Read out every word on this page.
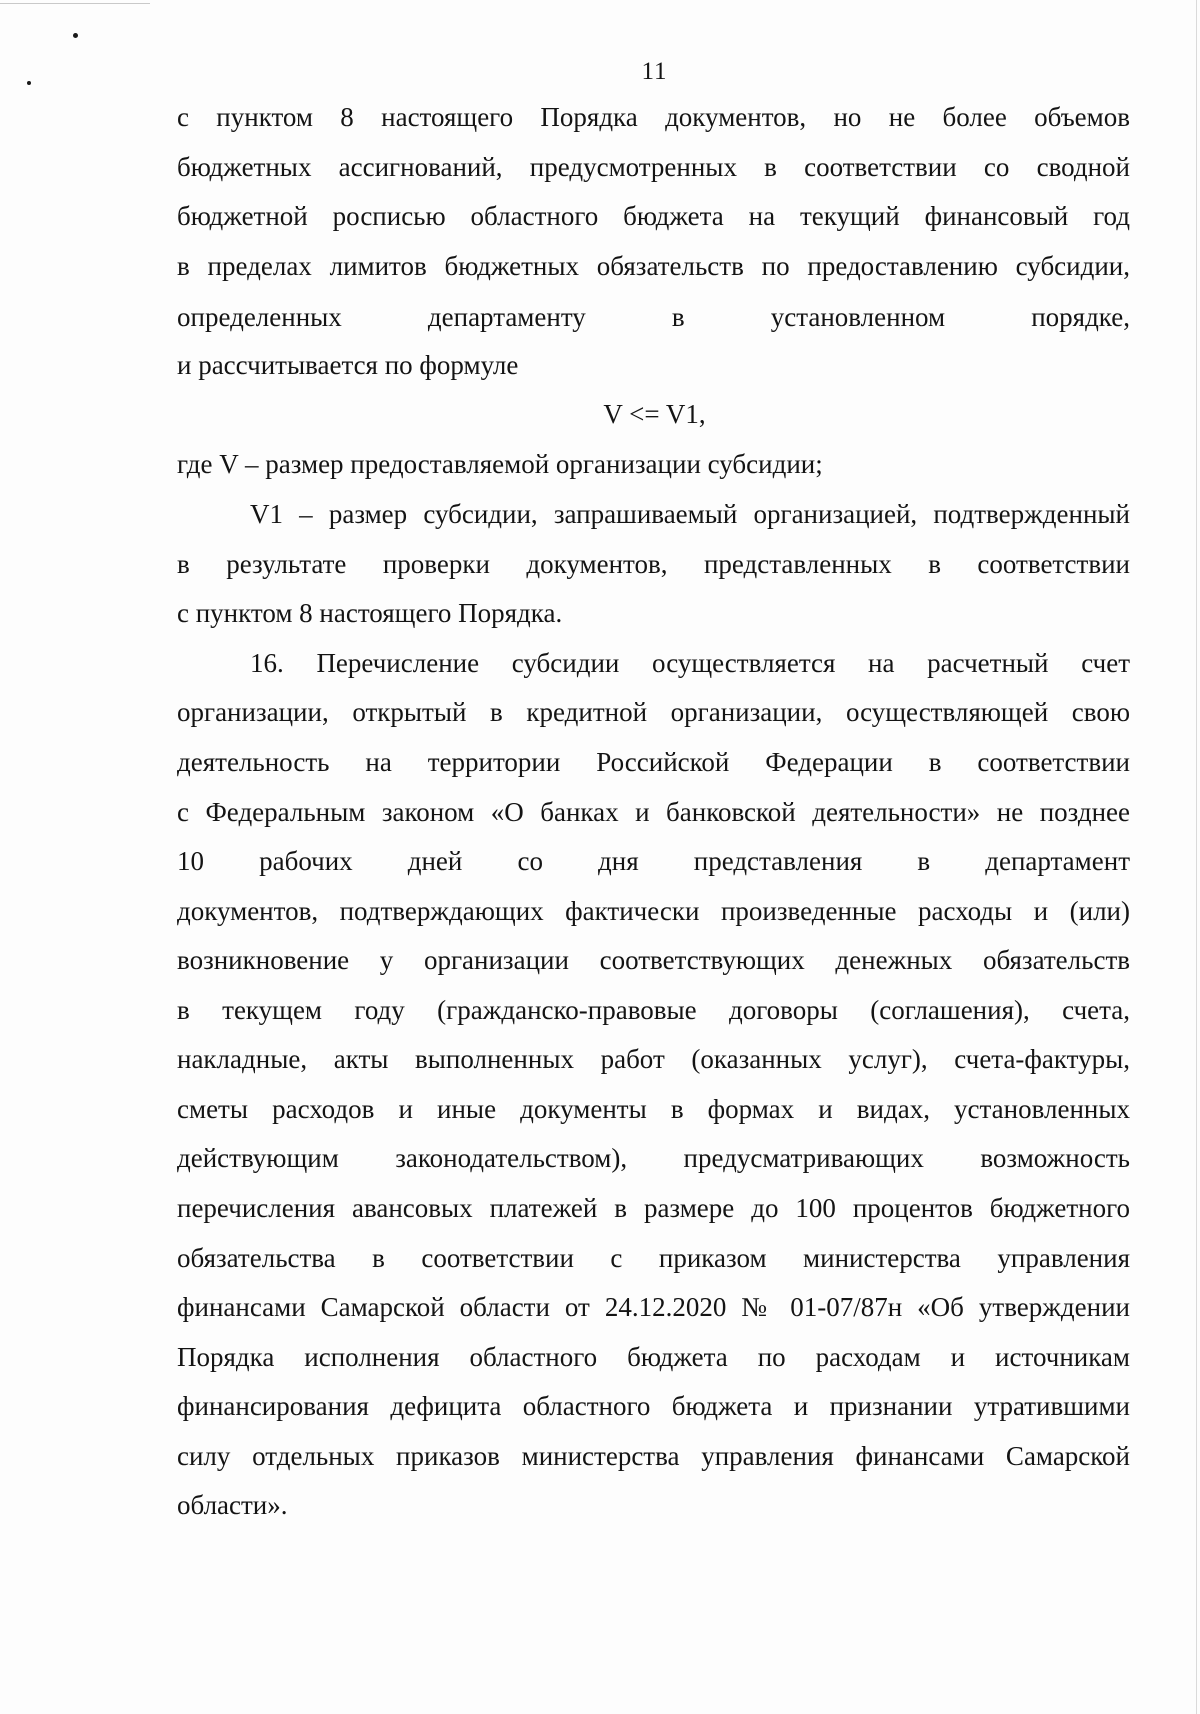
11

с пунктом 8 настоящего Порядка документов, но не более объемов

бюджетных ассигнований, предусмотренных в соответствии со сводной

бюджетной росписью областного бюджета на текущий финансовый год

в пределах лимитов бюджетных обязательств по предоставлению субсидии,

определенных департаменту в установленном порядке,

и рассчитывается по формуле

V <= V1,

где V – размер предоставляемой организации субсидии;

V1 – размер субсидии, запрашиваемый организацией, подтвержденный

в результате проверки документов, представленных в соответствии

с пунктом 8 настоящего Порядка.

16. Перечисление субсидии осуществляется на расчетный счет

организации, открытый в кредитной организации, осуществляющей свою

деятельность на территории Российской Федерации в соответствии

с Федеральным законом «О банках и банковской деятельности» не позднее

10 рабочих дней со дня представления в департамент

документов, подтверждающих фактически произведенные расходы и (или)

возникновение у организации соответствующих денежных обязательств

в текущем году (гражданско-правовые договоры (соглашения), счета,

накладные, акты выполненных работ (оказанных услуг), счета-фактуры,

сметы расходов и иные документы в формах и видах, установленных

действующим законодательством), предусматривающих возможность

перечисления авансовых платежей в размере до 100 процентов бюджетного

обязательства в соответствии с приказом министерства управления

финансами Самарской области от 24.12.2020 № 01-07/87н «Об утверждении

Порядка исполнения областного бюджета по расходам и источникам

финансирования дефицита областного бюджета и признании утратившими

силу отдельных приказов министерства управления финансами Самарской

области».
